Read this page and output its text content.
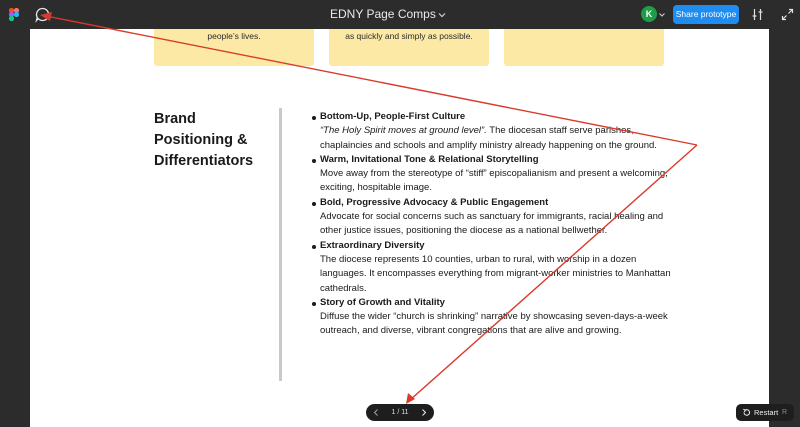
EDNY Page Comps	K	Share prototype
people’s lives.	as quickly and simply as possible.
Brand Positioning & Differentiators
Bottom-Up, People-First Culture
“The Holy Spirit moves at ground level”. The diocesan staff serve parishes, chaplaincies and schools and amplify ministry already happening on the ground.
Warm, Invitational Tone & Relational Storytelling
Move away from the stereotype of “stiff” episcopalianism and present a welcoming, exciting, hospitable image.
Bold, Progressive Advocacy & Public Engagement
Advocate for social concerns such as sanctuary for immigrants, racial healing and other justice issues, positioning the diocese as a national bellwether.
Extraordinary Diversity
The diocese represents 10 counties, urban to rural, with worship in a dozen languages. It encompasses everything from migrant-worker ministries to Manhattan cathedrals.
Story of Growth and Vitality
Diffuse the wider “church is shrinking” narrative by showcasing seven-days-a-week outreach, and diverse, vibrant congregations that are alive and growing.
1 / 11	Restart R
